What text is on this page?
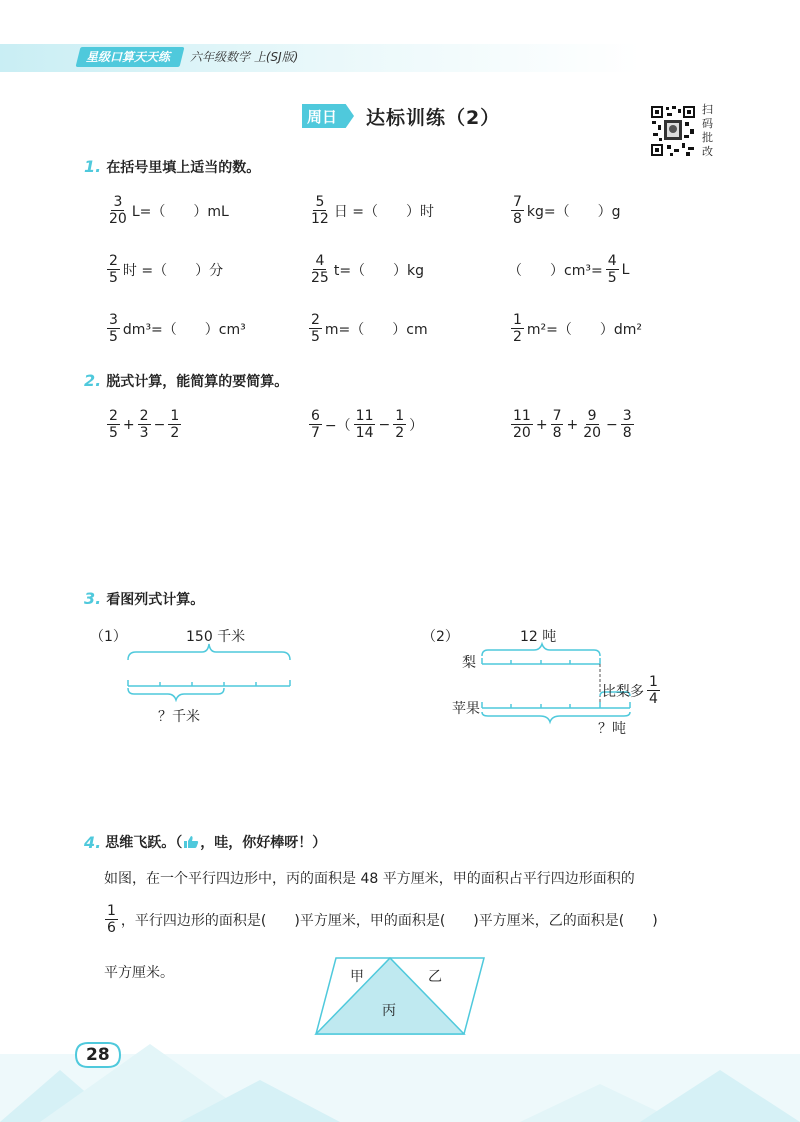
星级口算天天练 六年级数学 上(SJ版)
周日 达标训练（2）	扫码批改
1. 在括号里填上适当的数。
$\frac{3}{20} L=$（　　）mL	$\frac{5}{12}$ 日 =（　　）时	$\frac{7}{8} kg=$（　　）g
$\frac{2}{5}$ 时 =（　　）分	$\frac{4}{25} t=$（　　）kg	（　　）$cm^3= \frac{4}{5}$ L
$\frac{3}{5} dm^3=$（　　）cm³	$\frac{2}{5} m=$（　　）cm	$\frac{1}{2} m^2=$（　　）dm²
2. 脱式计算，能简算的要简算。
$\frac{2}{5} + \frac{2}{3} - \frac{1}{2}$	$\frac{6}{7}$ −（ $\frac{11}{14} - \frac{1}{2}$ ）	$\frac{11}{20} + \frac{7}{8} + \frac{9}{20} - \frac{3}{8}$
3. 看图列式计算。
（1）	150 千米
？千米
（2）	12 吨
梨
苹果
比梨多 $\frac{1}{4}$
？吨
4. 思维飞跃。（ ，哇，你好棒呀！）
如图，在一个平行四边形中，丙的面积是 48 平方厘米，甲的面积占平行四边形面积的
$\frac{1}{6}$ ，平行四边形的面积是(　　)平方厘米，甲的面积是(　　)平方厘米，乙的面积是(　　)
平方厘米。	甲	乙
丙
28
